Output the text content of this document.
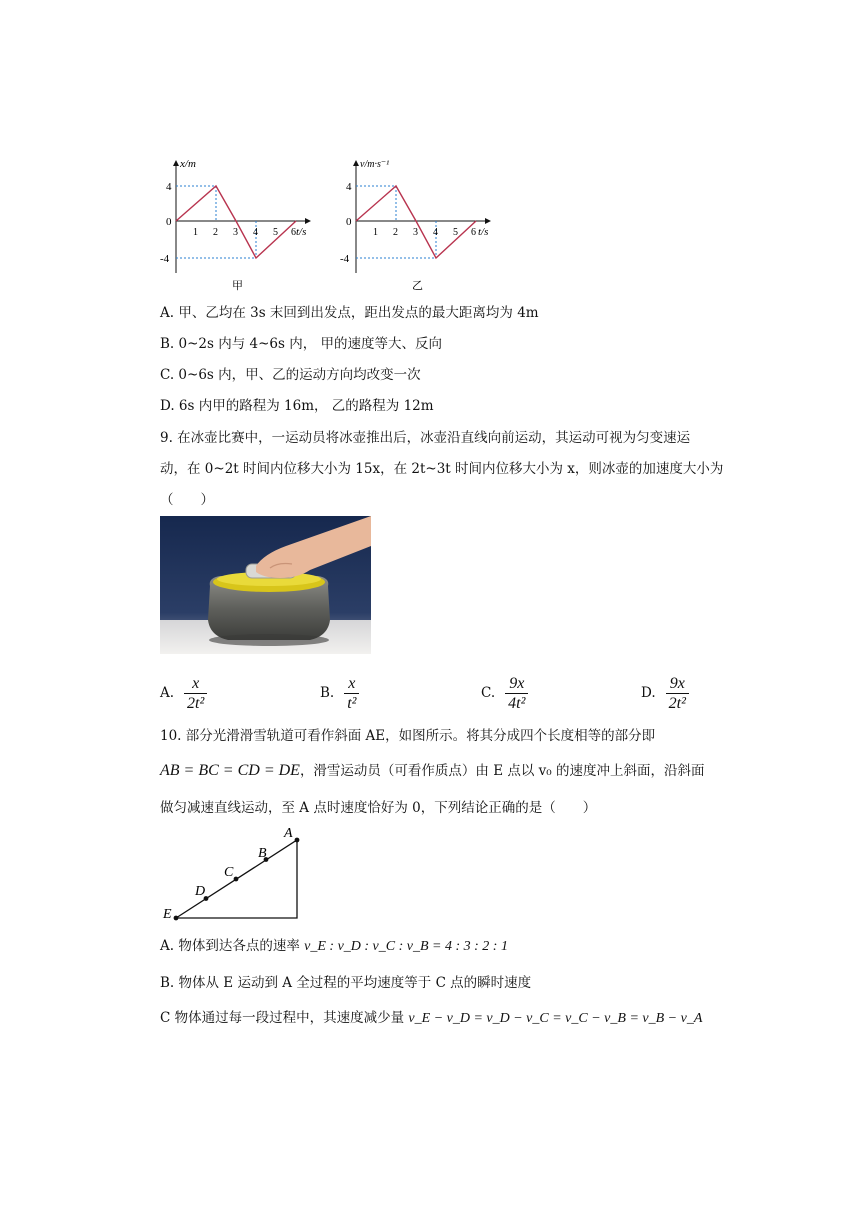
x/m
t/s
4
0
-4
1 2 3 4 5 6
甲
v/m·s⁻¹
t/s
4
0
-4
1 2 3 4 5 6
乙
A. 甲、乙均在 3s 末回到出发点，距出发点的最大距离均为 4m
B. 0~2s 内与 4~6s 内， 甲的速度等大、反向
C. 0~6s 内，甲、乙的运动方向均改变一次
D. 6s 内甲的路程为 16m， 乙的路程为 12m
9. 在冰壶比赛中，一运动员将冰壶推出后，冰壶沿直线向前运动，其运动可视为匀变速运
动，在 0~2t 时间内位移大小为 15x，在 2t~3t 时间内位移大小为 x，则冰壶的加速度大小为
（　　）
A. $\frac{x}{\text{2t²}}$	B. $\frac{x}{\text{t²}}$	C. $\frac{9x}{\text{4t²}}$	D. $\frac{9x}{\text{2t²}}$
10. 部分光滑滑雪轨道可看作斜面 AE，如图所示。将其分成四个长度相等的部分即
AB = BC = CD = DE，滑雪运动员（可看作质点）由 E 点以 v₀ 的速度冲上斜面，沿斜面
做匀减速直线运动，至 A 点时速度恰好为 0，下列结论正确的是（　　）
A
B
C
D
E
A. 物体到达各点的速率 v_E : v_D : v_C : v_B = 4 : 3 : 2 : 1
B. 物体从 E 运动到 A 全过程的平均速度等于 C 点的瞬时速度
C 物体通过每一段过程中，其速度减少量 v_E − v_D = v_D − v_C = v_C − v_B = v_B − v_A
